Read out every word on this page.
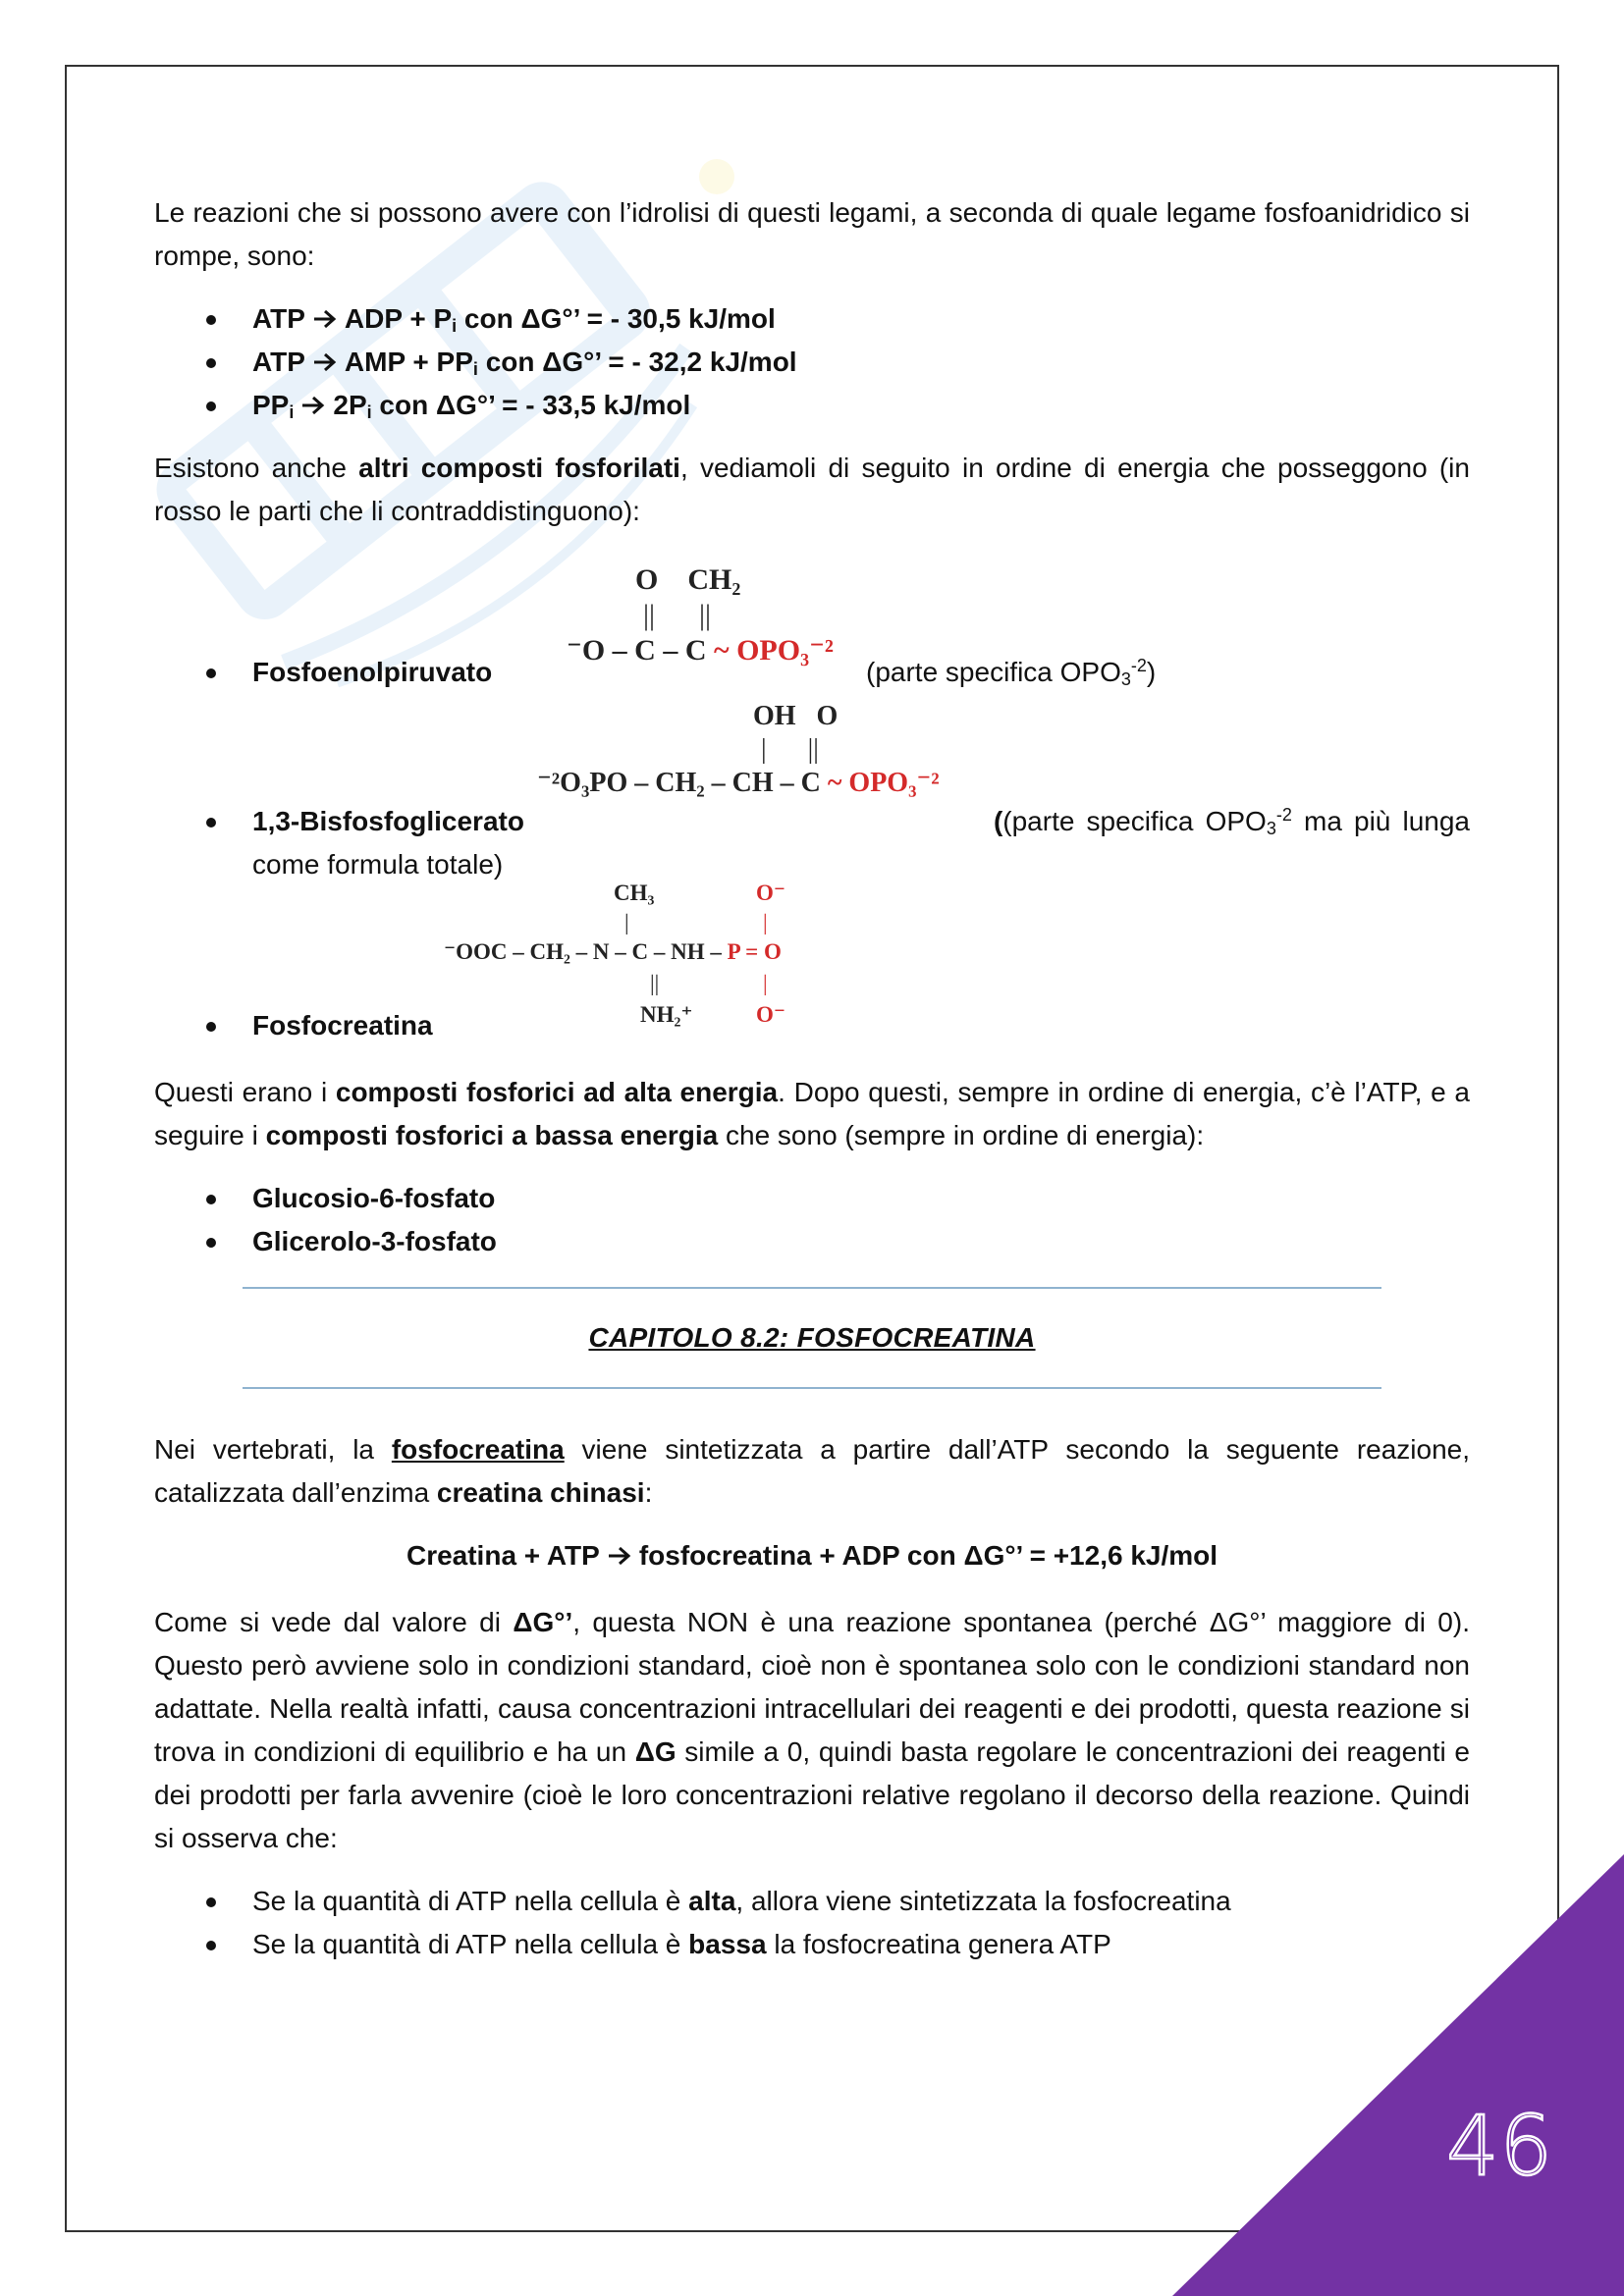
Le reazioni che si possono avere con l’idrolisi di questi legami, a seconda di quale legame fosfoanidridico si rompe, sono:

ATP ADP + $P_i$ con ΔG°’ = - 30,5 kJ/mol
ATP AMP + $PP_i$ con ΔG°’ = - 32,2 kJ/mol
$PP_i$ $2P_i$ con ΔG°’ = - 33,5 kJ/mol

Esistono anche altri composti fosforilati, vediamoli di seguito in ordine di energia che posseggono (in rosso le parti che li contraddistinguono):

O    CH₂
||      ||
⁻O – C – C ~ OPO₃⁻²
Fosfoenolpiruvato	(parte specifica $OPO_3^{-2}$)
OH   O
|      ||
⁻²O₃PO – CH₂ – CH – C ~ OPO₃⁻²
1,3-Bisfosfoglicerato	((parte specifica $OPO_3^{-2}$ ma più lunga come formula totale)
CH₃	O⁻
|	|
⁻OOC – CH₂ – N – C – NH – P = O
||	|
NH₂⁺	O⁻
Fosfocreatina

Questi erano i composti fosforici ad alta energia. Dopo questi, sempre in ordine di energia, c’è l’ATP, e a seguire i composti fosforici a bassa energia che sono (sempre in ordine di energia):

Glucosio-6-fosfato
Glicerolo-3-fosfato
CAPITOLO 8.2: FOSFOCREATINA

Nei vertebrati, la fosfocreatina viene sintetizzata a partire dall’ATP secondo la seguente reazione, catalizzata dall’enzima creatina chinasi:

Creatina + ATP fosfocreatina + ADP con ΔG°’ = +12,6 kJ/mol

Come si vede dal valore di ΔG°’, questa NON è una reazione spontanea (perché ΔG°’ maggiore di 0). Questo però avviene solo in condizioni standard, cioè non è spontanea solo con le condizioni standard non adattate. Nella realtà infatti, causa concentrazioni intracellulari dei reagenti e dei prodotti, questa reazione si trova in condizioni di equilibrio e ha un ΔG simile a 0, quindi basta regolare le concentrazioni dei reagenti e dei prodotti per farla avvenire (cioè le loro concentrazioni relative regolano il decorso della reazione. Quindi si osserva che:

Se la quantità di ATP nella cellula è alta, allora viene sintetizzata la fosfocreatina
Se la quantità di ATP nella cellula è bassa la fosfocreatina genera ATP
46
